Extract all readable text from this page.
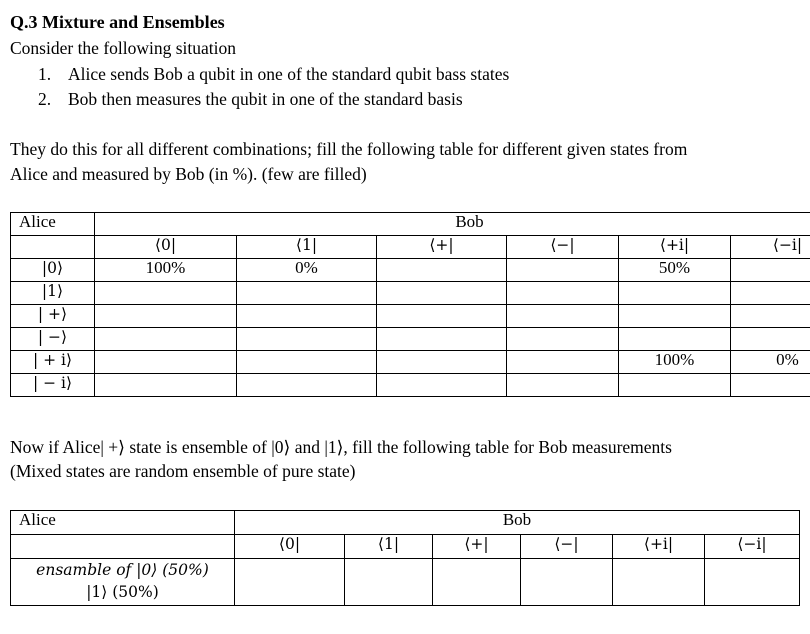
Q.3 Mixture and Ensembles
Consider the following situation
1. Alice sends Bob a qubit in one of the standard qubit bass states
2. Bob then measures the qubit in one of the standard basis
They do this for all different combinations; fill the following table for different given states from
Alice and measured by Bob (in %). (few are filled)
Alice	Bob					
	⟨0|	⟨1|	⟨+|	⟨−|	⟨+i|	⟨−i|
|0⟩	100%	0%			50%	
|1⟩						
| +⟩						
| −⟩						
| + i⟩					100%	0%
| − i⟩						
Now if Alice| +⟩ state is ensemble of |0⟩ and |1⟩, fill the following table for Bob measurements
(Mixed states are random ensemble of pure state)
Alice	Bob					
	⟨0|	⟨1|	⟨+|	⟨−|	⟨+i|	⟨−i|

ensamble of |0⟩ (50%)
|1⟩ (50%)						
